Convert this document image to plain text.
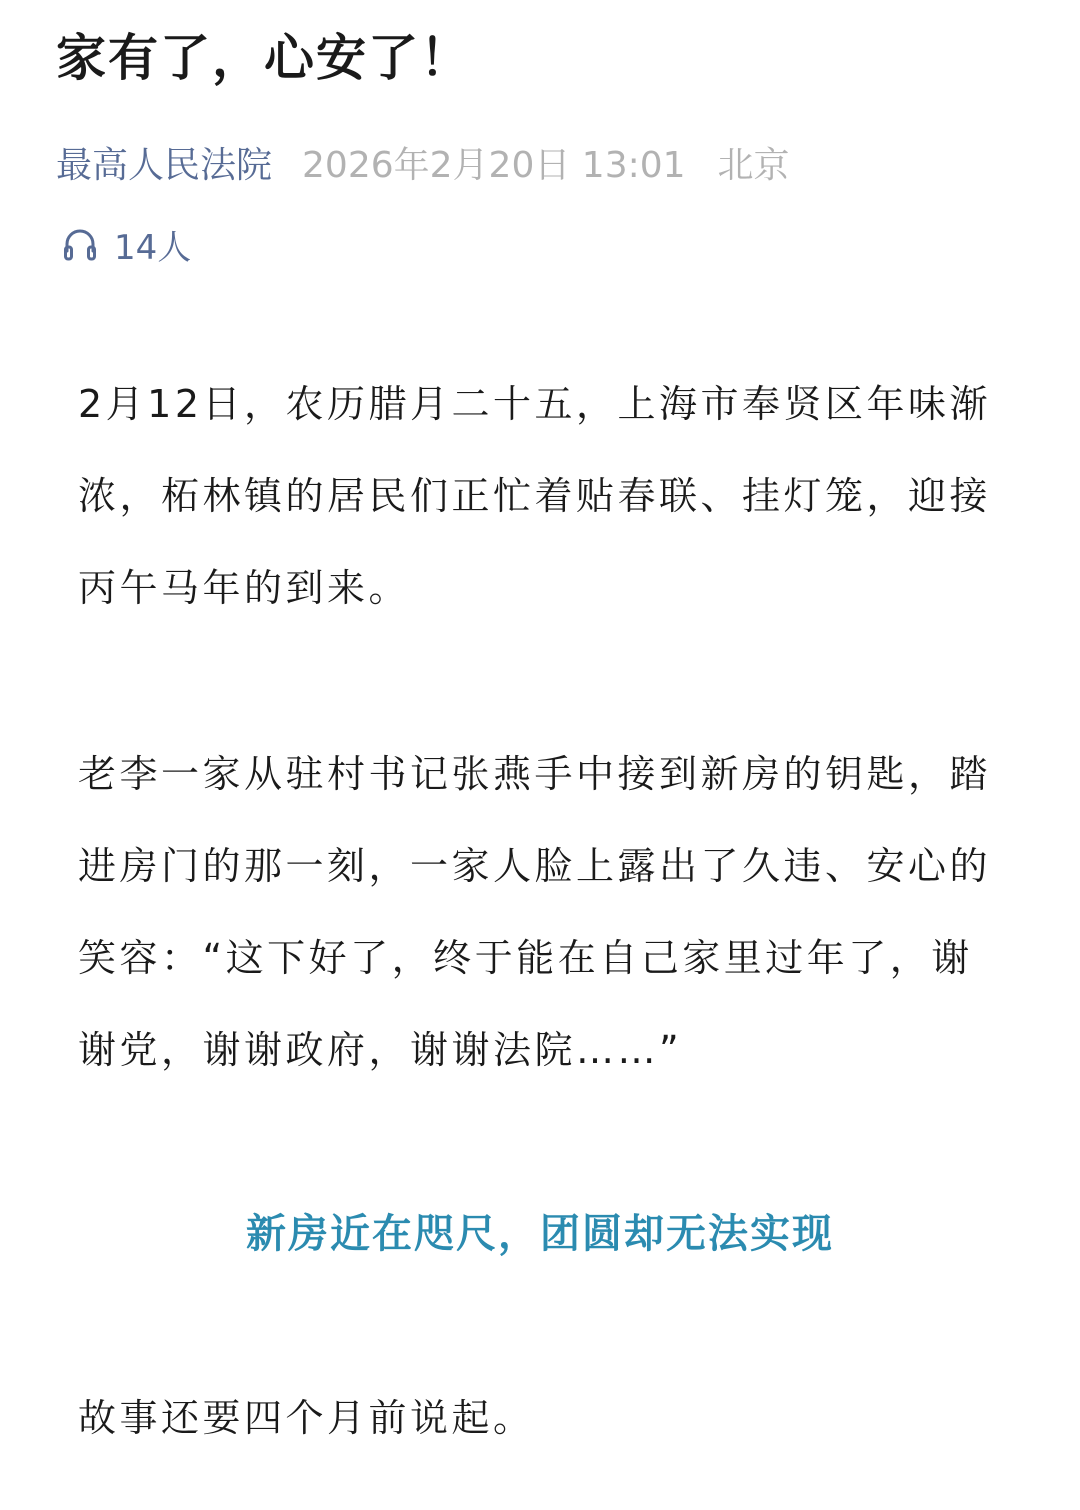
家有了，心安了！
最高人民法院 2026年2月20日 13:01 北京
14人

2月12日，农历腊月二十五，上海市奉贤区年味渐浓，柘林镇的居民们正忙着贴春联、挂灯笼，迎接丙午马年的到来。

老李一家从驻村书记张燕手中接到新房的钥匙，踏进房门的那一刻，一家人脸上露出了久违、安心的笑容：“这下好了，终于能在自己家里过年了，谢谢党，谢谢政府，谢谢法院……”

新房近在咫尺，团圆却无法实现

故事还要四个月前说起。
